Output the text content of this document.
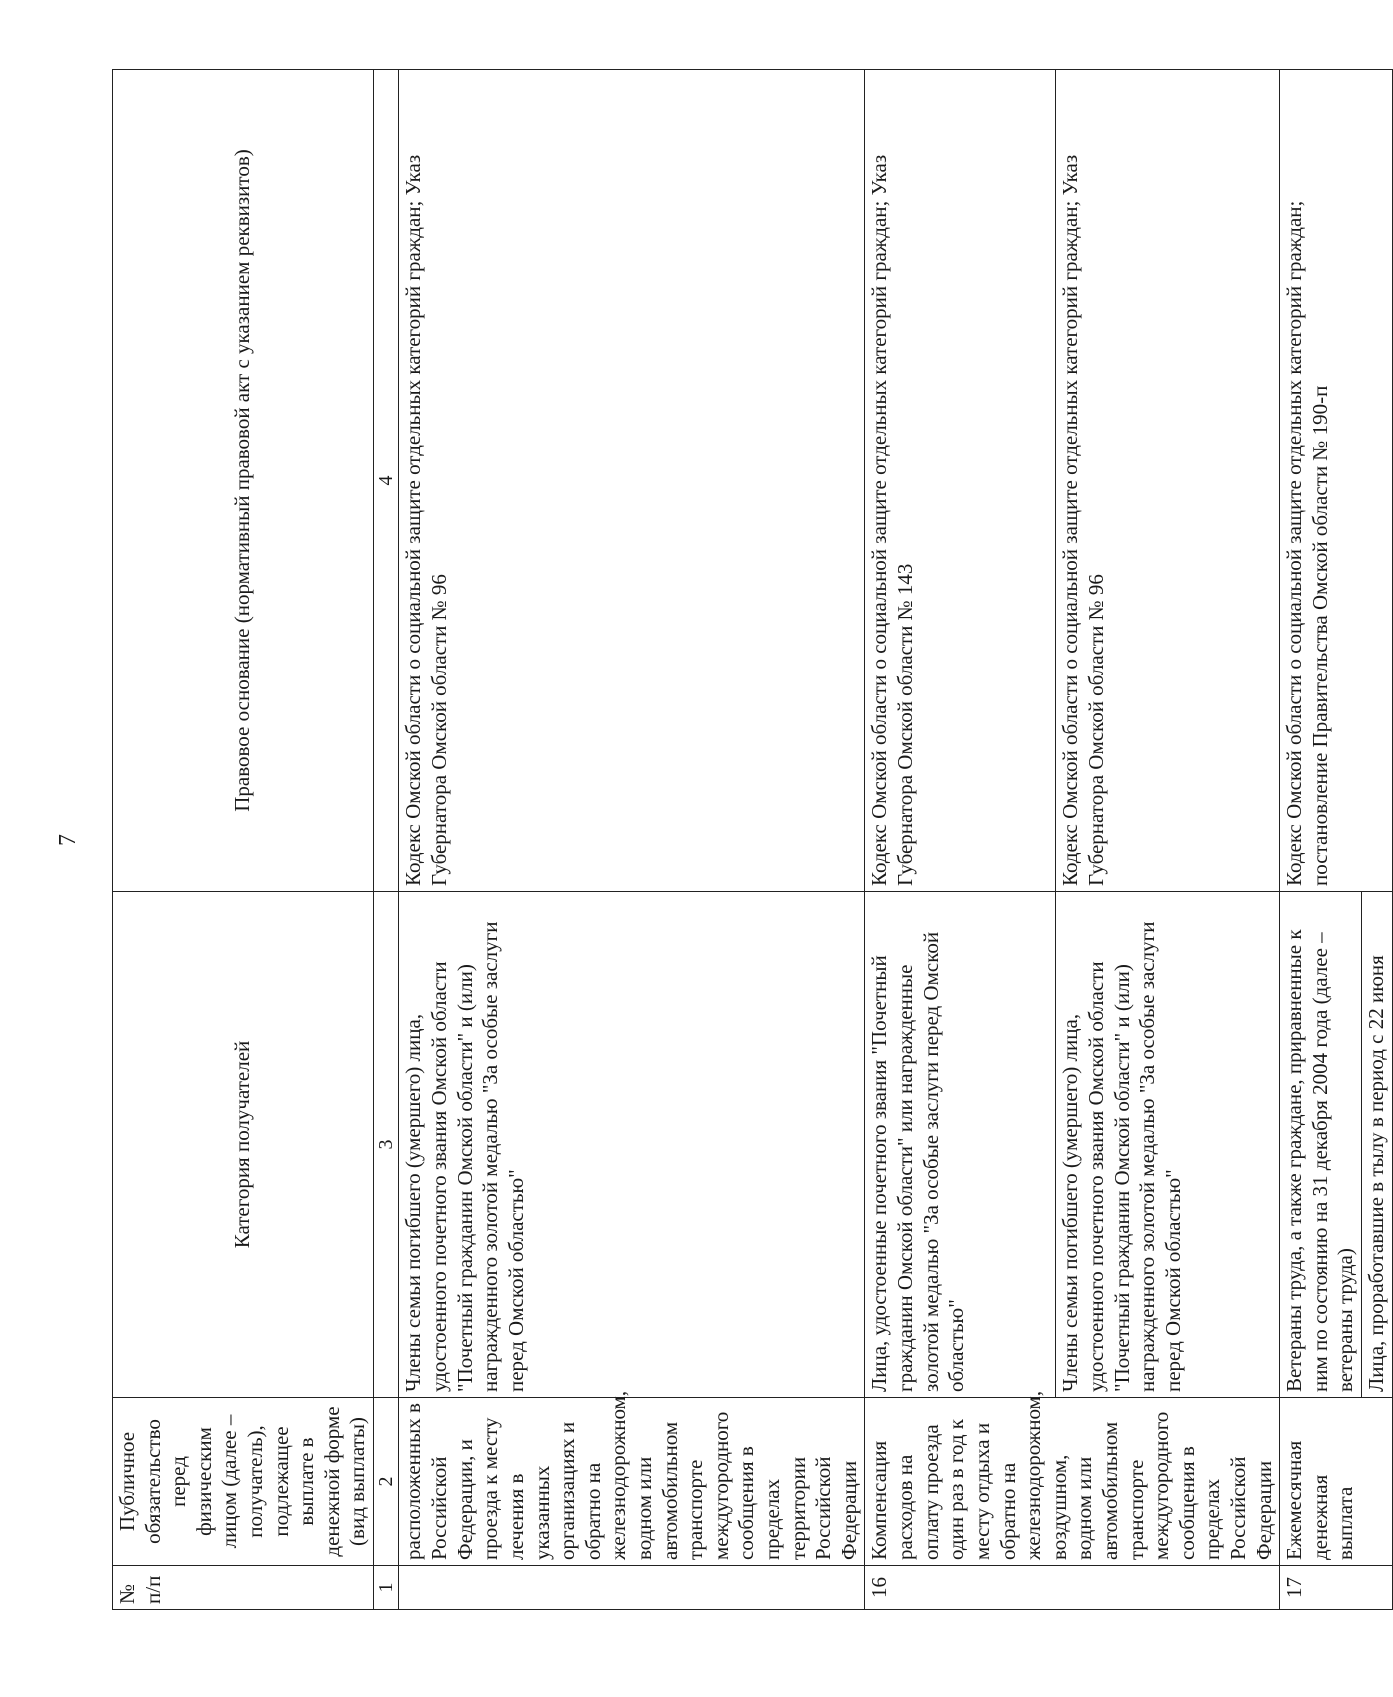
7
№ п/п	Публичное обязательство перед физическим лицом (далее – получатель), подлежащее выплате в денежной форме (вид выплаты)	Категория получателей	Правовое основание (нормативный правовой акт с указанием реквизитов)
1	2	3	4
	расположенных в Российской Федерации, и проезда к месту лечения в указанных организациях и обратно на железнодорожном, водном или автомобильном транспорте междугородного сообщения в пределах территории Российской Федерации	Члены семьи погибшего (умершего) лица, удостоенного почетного звания Омской области "Почетный гражданин Омской области" и (или) награжденного золотой медалью "За особые заслуги перед Омской областью"	Кодекс Омской области о социальной защите отдельных категорий граждан; Указ Губернатора Омской области № 96
16	Компенсация расходов на оплату проезда один раз в год к месту отдыха и обратно на железнодорожном, воздушном, водном или автомобильном транспорте междугородного сообщения в пределах Российской Федерации	Лица, удостоенные почетного звания "Почетный гражданин Омской области" или награжденные золотой медалью "За особые заслуги перед Омской областью"	Кодекс Омской области о социальной защите отдельных категорий граждан; Указ Губернатора Омской области № 143
		Члены семьи погибшего (умершего) лица, удостоенного почетного звания Омской области "Почетный гражданин Омской области" и (или) награжденного золотой медалью "За особые заслуги перед Омской областью"	Кодекс Омской области о социальной защите отдельных категорий граждан; Указ Губернатора Омской области № 96
17	Ежемесячная денежная выплата	Ветераны труда, а также граждане, приравненные к ним по состоянию на 31 декабря 2004 года (далее – ветераны труда)	Кодекс Омской области о социальной защите отдельных категорий граждан; постановление Правительства Омской области № 190-п
		Лица, проработавшие в тылу в период с 22 июня	
